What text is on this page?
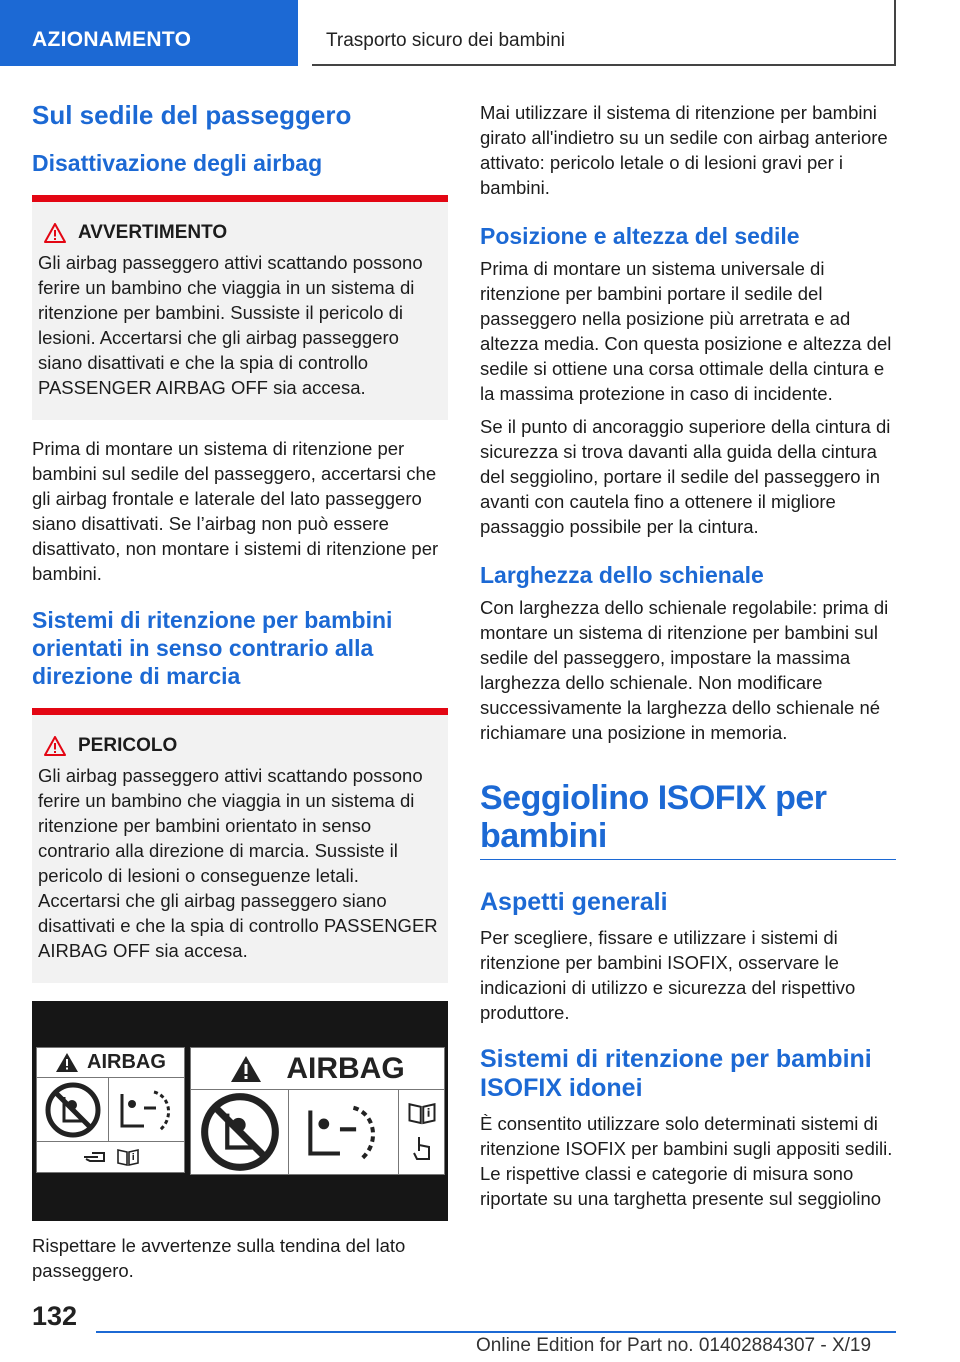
AZIONAMENTO	Trasporto sicuro dei bambini
Sul sedile del passeggero
Disattivazione degli airbag
AVVERTIMENTO

Gli airbag passeggero attivi scattando possono ferire un bambino che viaggia in un sistema di ritenzione per bambini. Sussiste il pericolo di lesioni. Accertarsi che gli airbag passeggero siano disattivati e che la spia di controllo PASSENGER AIRBAG OFF sia accesa.

Prima di montare un sistema di ritenzione per bambini sul sedile del passeggero, accertarsi che gli airbag frontale e laterale del lato passeggero siano disattivati. Se l’airbag non può essere disattivato, non montare i sistemi di ritenzione per bambini.

Sistemi di ritenzione per bambini orientati in senso contrario alla direzione di marcia
PERICOLO

Gli airbag passeggero attivi scattando possono ferire un bambino che viaggia in un sistema di ritenzione per bambini orientato in senso contrario alla direzione di marcia. Sussiste il pericolo di lesioni o conseguenze letali. Accertarsi che gli airbag passeggero siano disattivati e che la spia di controllo PASSENGER AIRBAG OFF sia accesa.

AIRBAG	AIRBAG

Rispettare le avvertenze sulla tendina del lato passeggero.

Mai utilizzare il sistema di ritenzione per bambini girato all'indietro su un sedile con airbag anteriore attivato: pericolo letale o di lesioni gravi per i bambini.

Posizione e altezza del sedile

Prima di montare un sistema universale di ritenzione per bambini portare il sedile del passeggero nella posizione più arretrata e ad altezza media. Con questa posizione e altezza del sedile si ottiene una corsa ottimale della cintura e la massima protezione in caso di incidente.

Se il punto di ancoraggio superiore della cintura di sicurezza si trova davanti alla guida della cintura del seggiolino, portare il sedile del passeggero in avanti con cautela fino a ottenere il migliore passaggio possibile per la cintura.

Larghezza dello schienale

Con larghezza dello schienale regolabile: prima di montare un sistema di ritenzione per bambini sul sedile del passeggero, impostare la massima larghezza dello schienale. Non modificare successivamente la larghezza dello schienale né richiamare una posizione in memoria.

Seggiolino ISOFIX per bambini
Aspetti generali

Per scegliere, fissare e utilizzare i sistemi di ritenzione per bambini ISOFIX, osservare le indicazioni di utilizzo e sicurezza del rispettivo produttore.

Sistemi di ritenzione per bambini ISOFIX idonei

È consentito utilizzare solo determinati sistemi di ritenzione ISOFIX per bambini sugli appositi sedili. Le rispettive classi e categorie di misura sono riportate su una targhetta presente sul seggiolino

132
Online Edition for Part no. 01402884307 - X/19
